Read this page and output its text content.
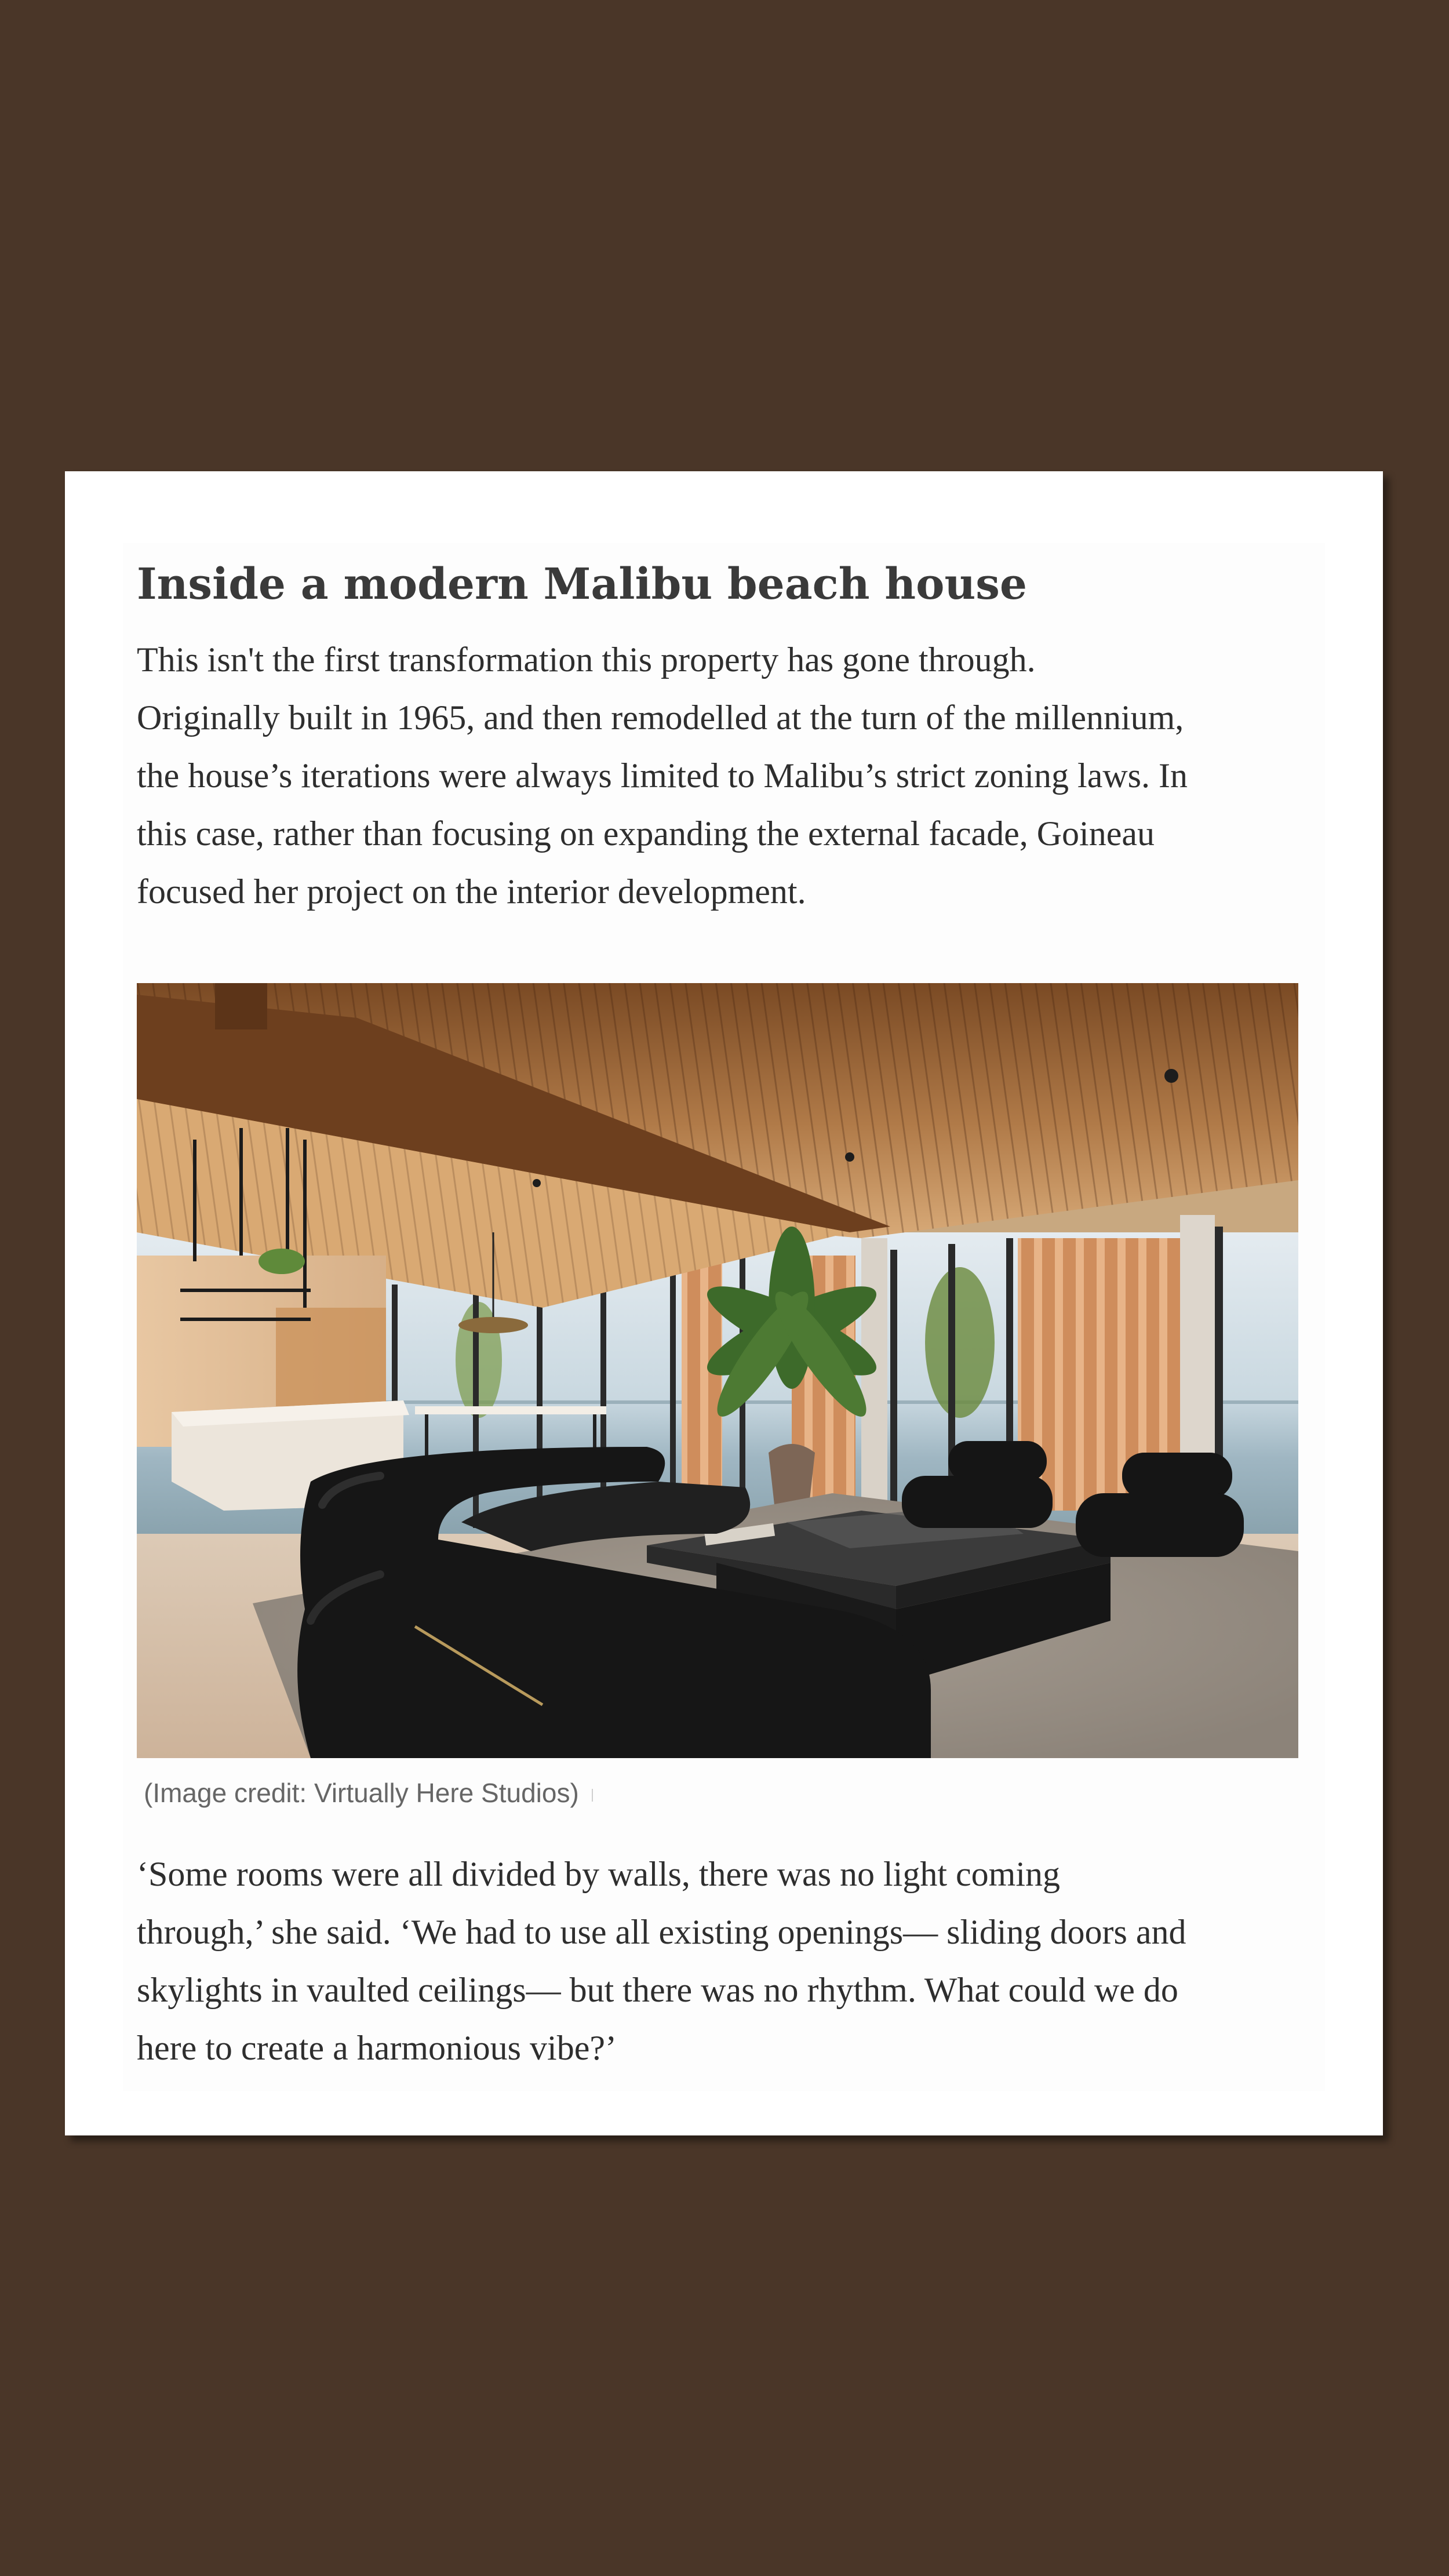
Inside a modern Malibu beach house
This isn't the first transformation this property has gone through.
Originally built in 1965, and then remodelled at the turn of the millennium,
the house’s iterations were always limited to Malibu’s strict zoning laws. In
this case, rather than focusing on expanding the external facade, Goineau
focused her project on the interior development.
(Image credit: Virtually Here Studios)
‘Some rooms were all divided by walls, there was no light coming
through,’ she said. ‘We had to use all existing openings— sliding doors and
skylights in vaulted ceilings— but there was no rhythm. What could we do
here to create a harmonious vibe?’
